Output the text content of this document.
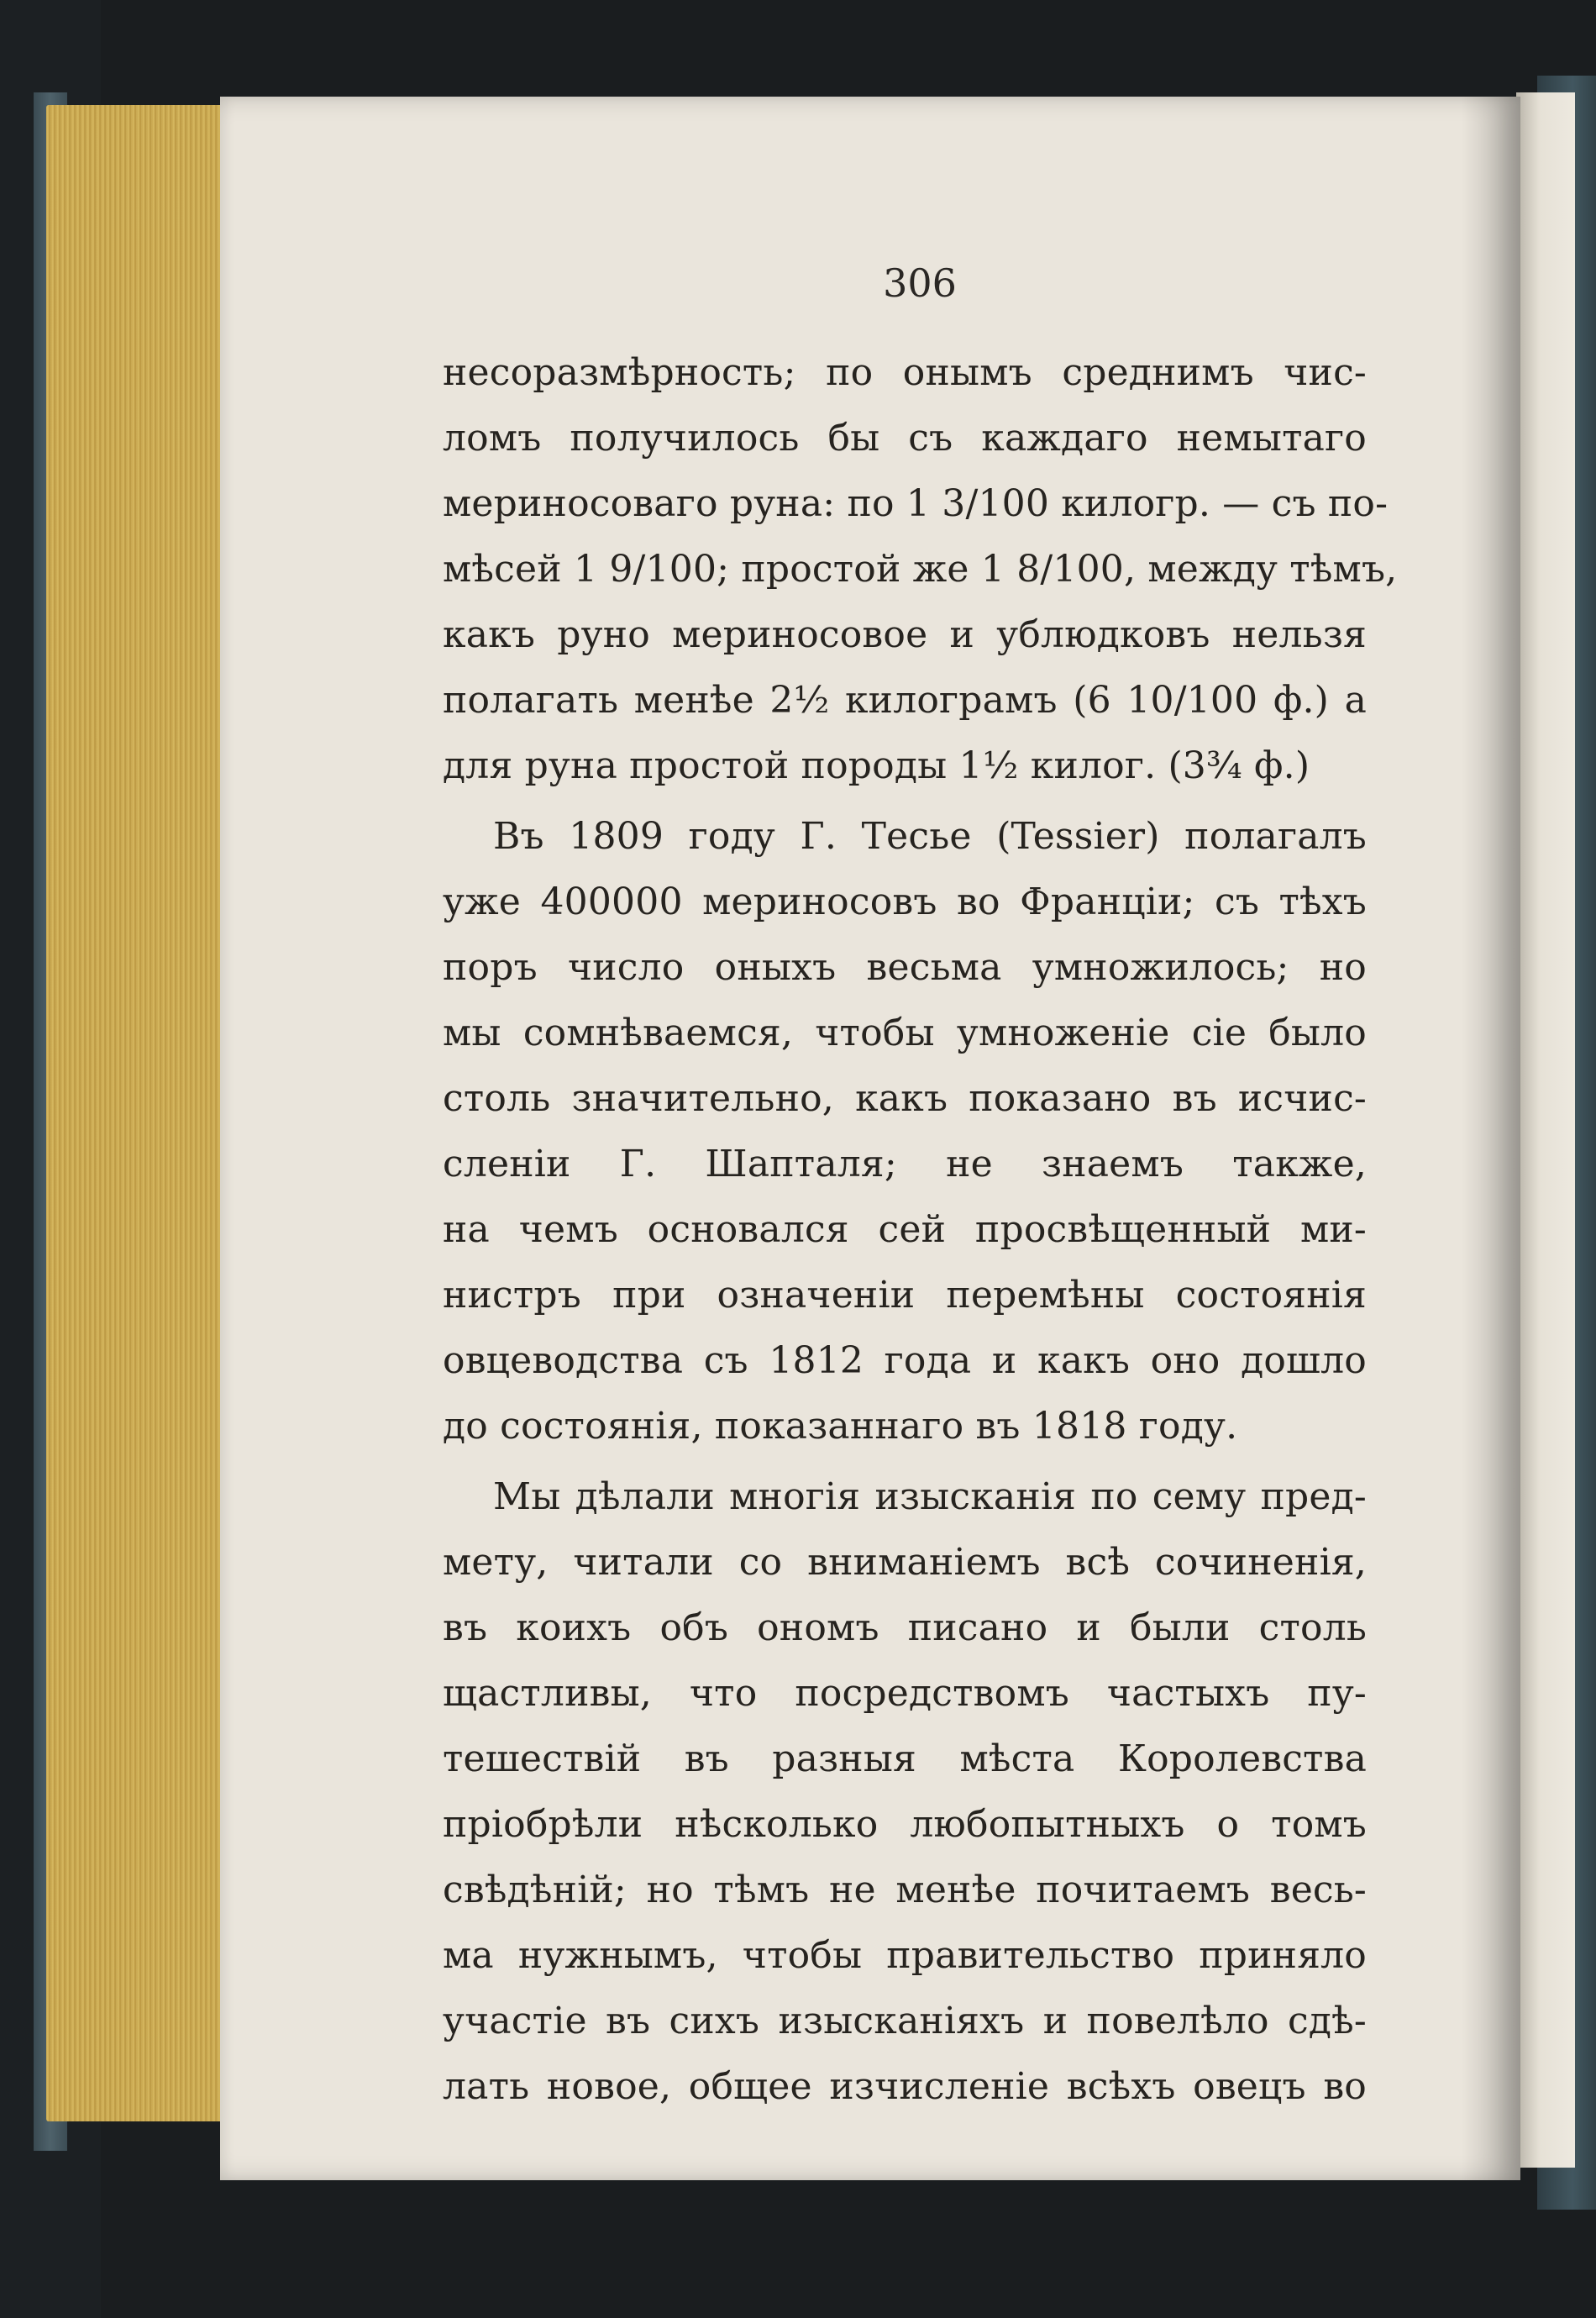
306
несоразмѣрность; по онымъ среднимъ чис-
ломъ получилось бы съ каждаго немытаго
мериносоваго руна: по 1 3/100 килогр. — съ по-
мѣсей 1 9/100; простой же 1 8/100, между тѣмъ,
какъ руно мериносовое и ублюдковъ нельзя
полагать менѣе 2½ килограмъ (6 10/100 ф.) а
для руна простой породы 1½ килог. (3¾ ф.)
Въ 1809 году Г. Тесье (Tessier) полагалъ
уже 400000 мериносовъ во Франціи; съ тѣхъ
поръ число оныхъ весьма умножилось; но
мы сомнѣваемся, чтобы умноженіе сіе было
столь значительно, какъ показано въ исчис-
сленіи Г. Шапталя; не знаемъ также,
на чемъ основался сей просвѣщенный ми-
нистръ при означеніи перемѣны состоянія
овцеводства съ 1812 года и какъ оно дошло
до состоянія, показаннаго въ 1818 году.
Мы дѣлали многія изысканія по сему пред-
мету, читали со вниманіемъ всѣ сочиненія,
въ коихъ объ ономъ писано и были столь
щастливы, что посредствомъ частыхъ пу-
тешествій въ разныя мѣста Королевства
пріобрѣли нѣсколько любопытныхъ о томъ
свѣдѣній; но тѣмъ не менѣе почитаемъ весь-
ма нужнымъ, чтобы правительство приняло
участіе въ сихъ изысканіяхъ и повелѣло сдѣ-
лать новое, общее изчисленіе всѣхъ овецъ во
